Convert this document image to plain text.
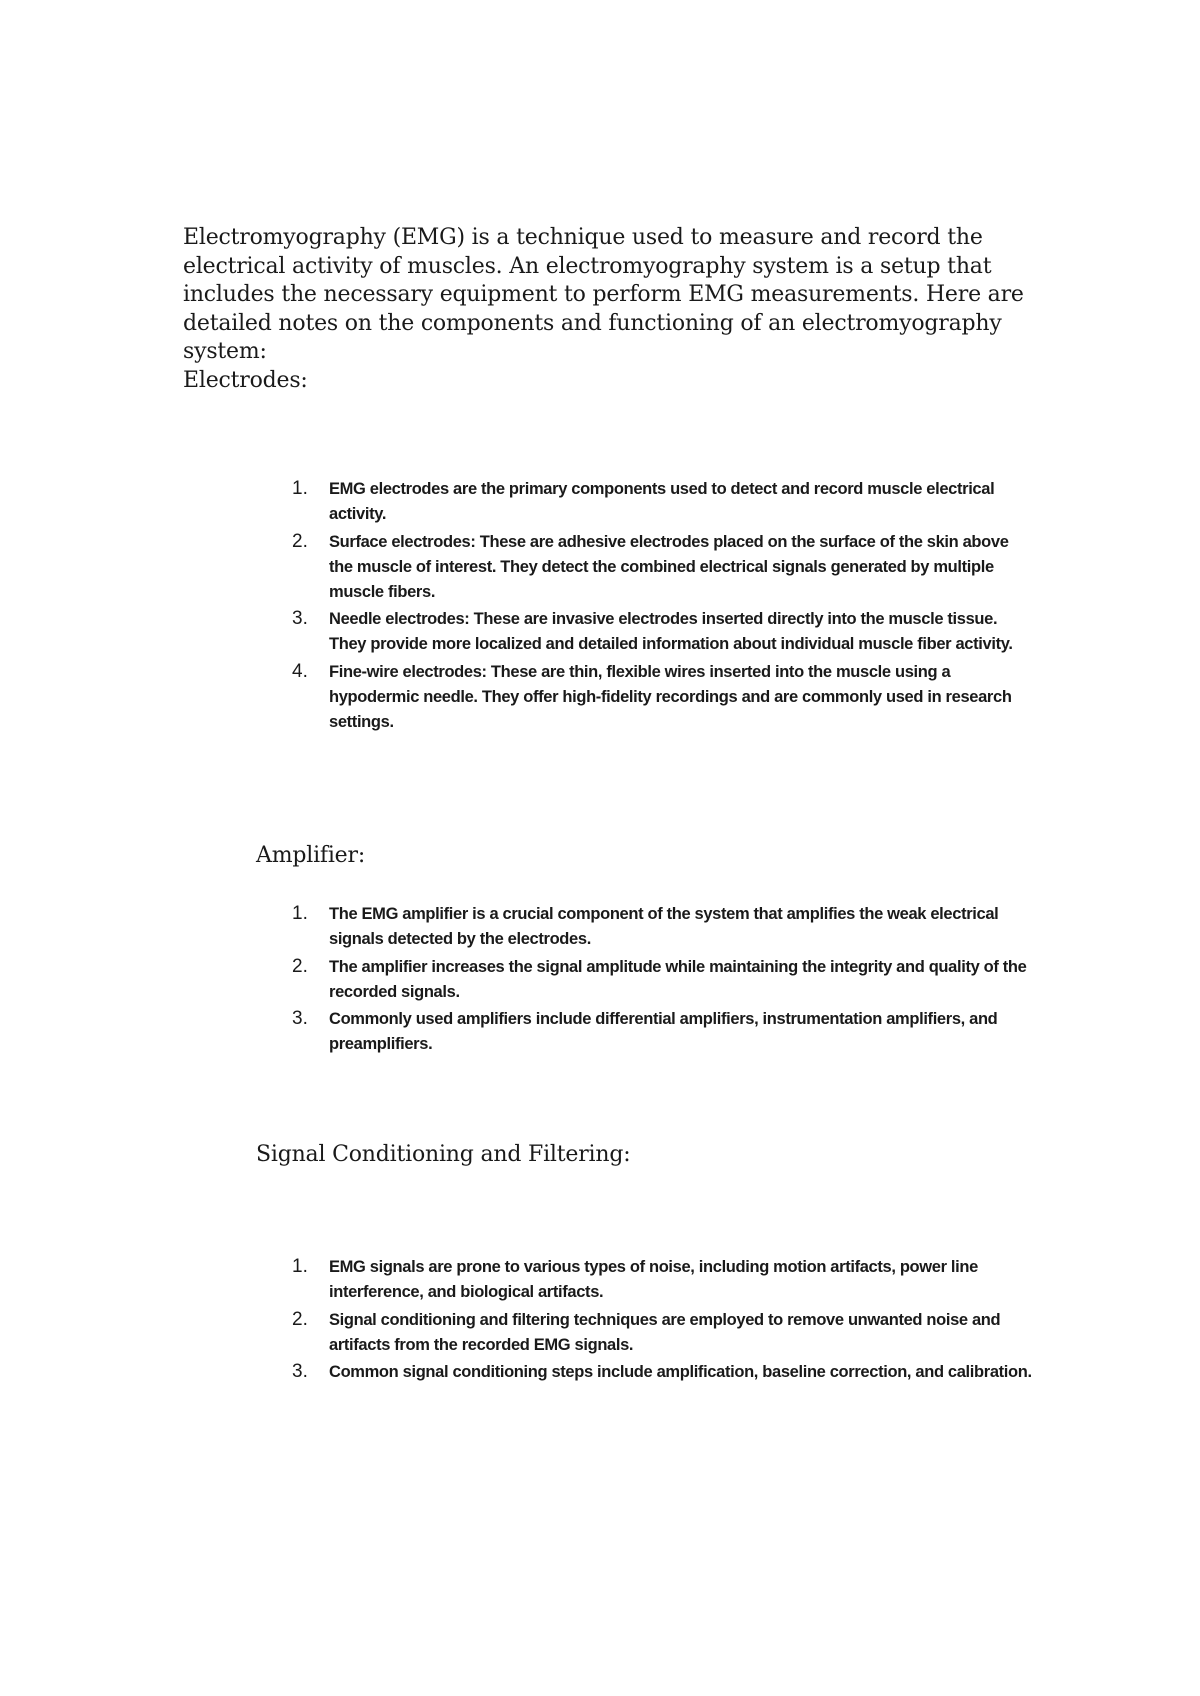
Electromyography (EMG) is a technique used to measure and record the electrical activity of muscles. An electromyography system is a setup that includes the necessary equipment to perform EMG measurements. Here are detailed notes on the components and functioning of an electromyography system:

Electrodes:
1. EMG electrodes are the primary components used to detect and record muscle electrical activity.
2. Surface electrodes: These are adhesive electrodes placed on the surface of the skin above the muscle of interest. They detect the combined electrical signals generated by multiple muscle fibers.
3. Needle electrodes: These are invasive electrodes inserted directly into the muscle tissue. They provide more localized and detailed information about individual muscle fiber activity.
4. Fine-wire electrodes: These are thin, flexible wires inserted into the muscle using a hypodermic needle. They offer high-fidelity recordings and are commonly used in research settings.
Amplifier:
1. The EMG amplifier is a crucial component of the system that amplifies the weak electrical signals detected by the electrodes.
2. The amplifier increases the signal amplitude while maintaining the integrity and quality of the recorded signals.
3. Commonly used amplifiers include differential amplifiers, instrumentation amplifiers, and preamplifiers.
Signal Conditioning and Filtering:
1. EMG signals are prone to various types of noise, including motion artifacts, power line interference, and biological artifacts.
2. Signal conditioning and filtering techniques are employed to remove unwanted noise and artifacts from the recorded EMG signals.
3. Common signal conditioning steps include amplification, baseline correction, and calibration.
